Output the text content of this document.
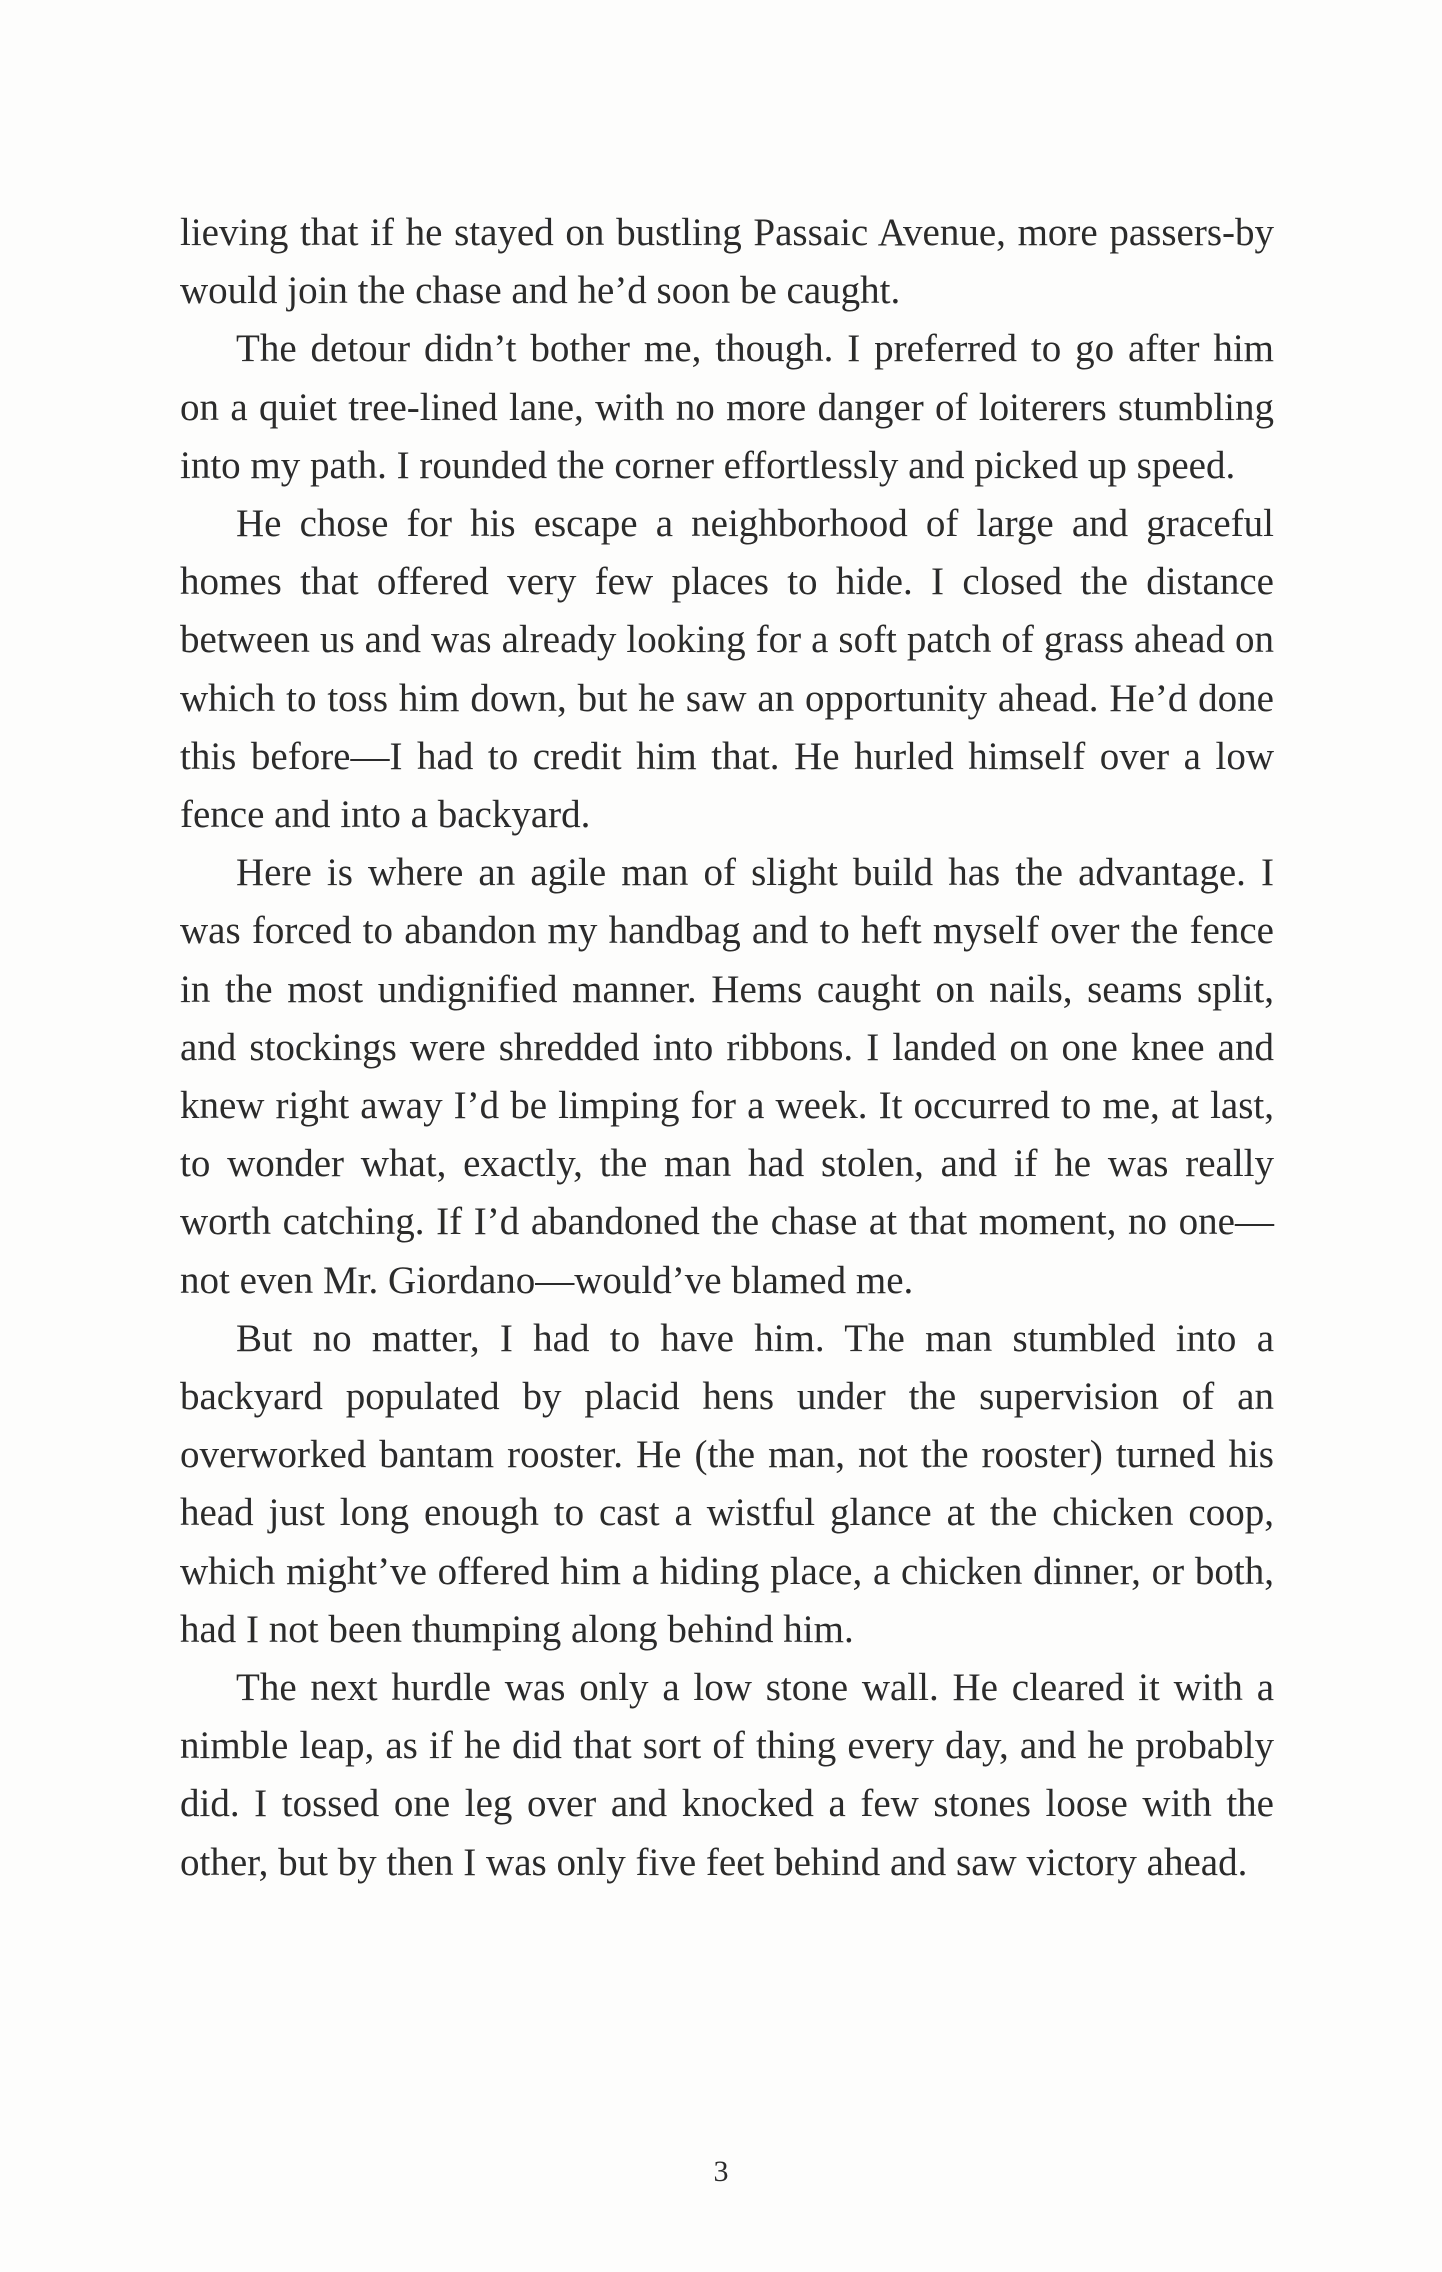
lieving that if he stayed on bustling Passaic Avenue, more passers-by would join the chase and he’d soon be caught.

The detour didn’t bother me, though. I preferred to go after him on a quiet tree-lined lane, with no more danger of loiterers stumbling into my path. I rounded the corner effortlessly and picked up speed.

He chose for his escape a neighborhood of large and graceful homes that offered very few places to hide. I closed the distance between us and was already looking for a soft patch of grass ahead on which to toss him down, but he saw an opportunity ahead. He’d done this before—I had to credit him that. He hurled himself over a low fence and into a backyard.

Here is where an agile man of slight build has the advantage. I was forced to abandon my handbag and to heft myself over the fence in the most undignified manner. Hems caught on nails, seams split, and stockings were shredded into ribbons. I landed on one knee and knew right away I’d be limping for a week. It occurred to me, at last, to wonder what, exactly, the man had stolen, and if he was really worth catching. If I’d abandoned the chase at that moment, no one—not even Mr. Giordano—would’ve blamed me.

But no matter, I had to have him. The man stumbled into a backyard populated by placid hens under the supervision of an overworked bantam rooster. He (the man, not the rooster) turned his head just long enough to cast a wistful glance at the chicken coop, which might’ve offered him a hiding place, a chicken dinner, or both, had I not been thumping along behind him.

The next hurdle was only a low stone wall. He cleared it with a nimble leap, as if he did that sort of thing every day, and he probably did. I tossed one leg over and knocked a few stones loose with the other, but by then I was only five feet behind and saw victory ahead.

3
